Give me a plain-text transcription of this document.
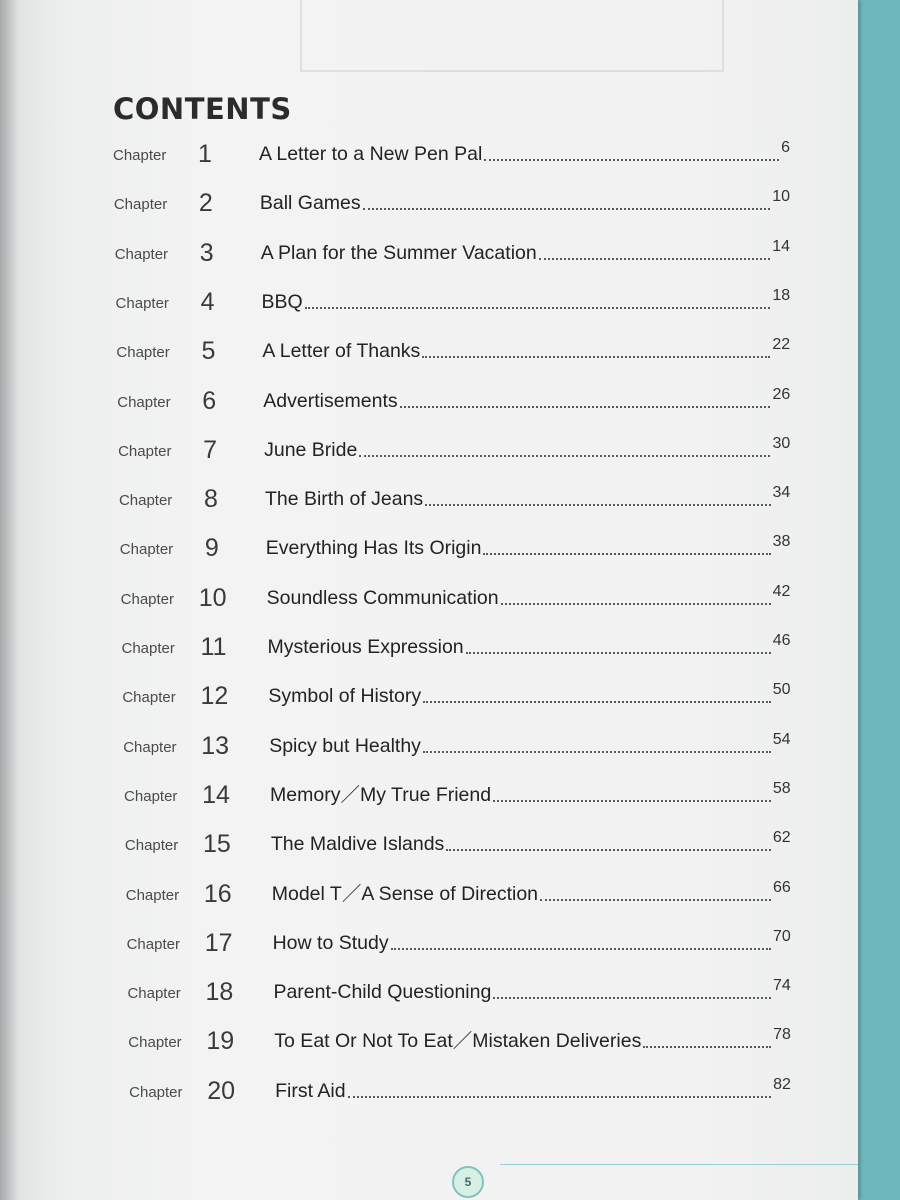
CONTENTS
Chapter	1	A Letter to a New Pen Pal	6
Chapter	2	Ball Games	10
Chapter	3	A Plan for the Summer Vacation	14
Chapter	4	BBQ	18
Chapter	5	A Letter of Thanks	22
Chapter	6	Advertisements	26
Chapter	7	June Bride	30
Chapter	8	The Birth of Jeans	34
Chapter	9	Everything Has Its Origin	38
Chapter 10	Soundless Communication	42
Chapter	11	Mysterious Expression	46
Chapter 12	Symbol of History	50
Chapter 13	Spicy but Healthy	54
Chapter 14	Memory／My True Friend	58
Chapter 15	The Maldive Islands	62
Chapter 16	Model T／A Sense of Direction	66
Chapter 17	How to Study	70
Chapter 18	Parent-Child Questioning	74
Chapter 19	To Eat Or Not To Eat／Mistaken Deliveries	78
Chapter 20	First Aid	82
5
